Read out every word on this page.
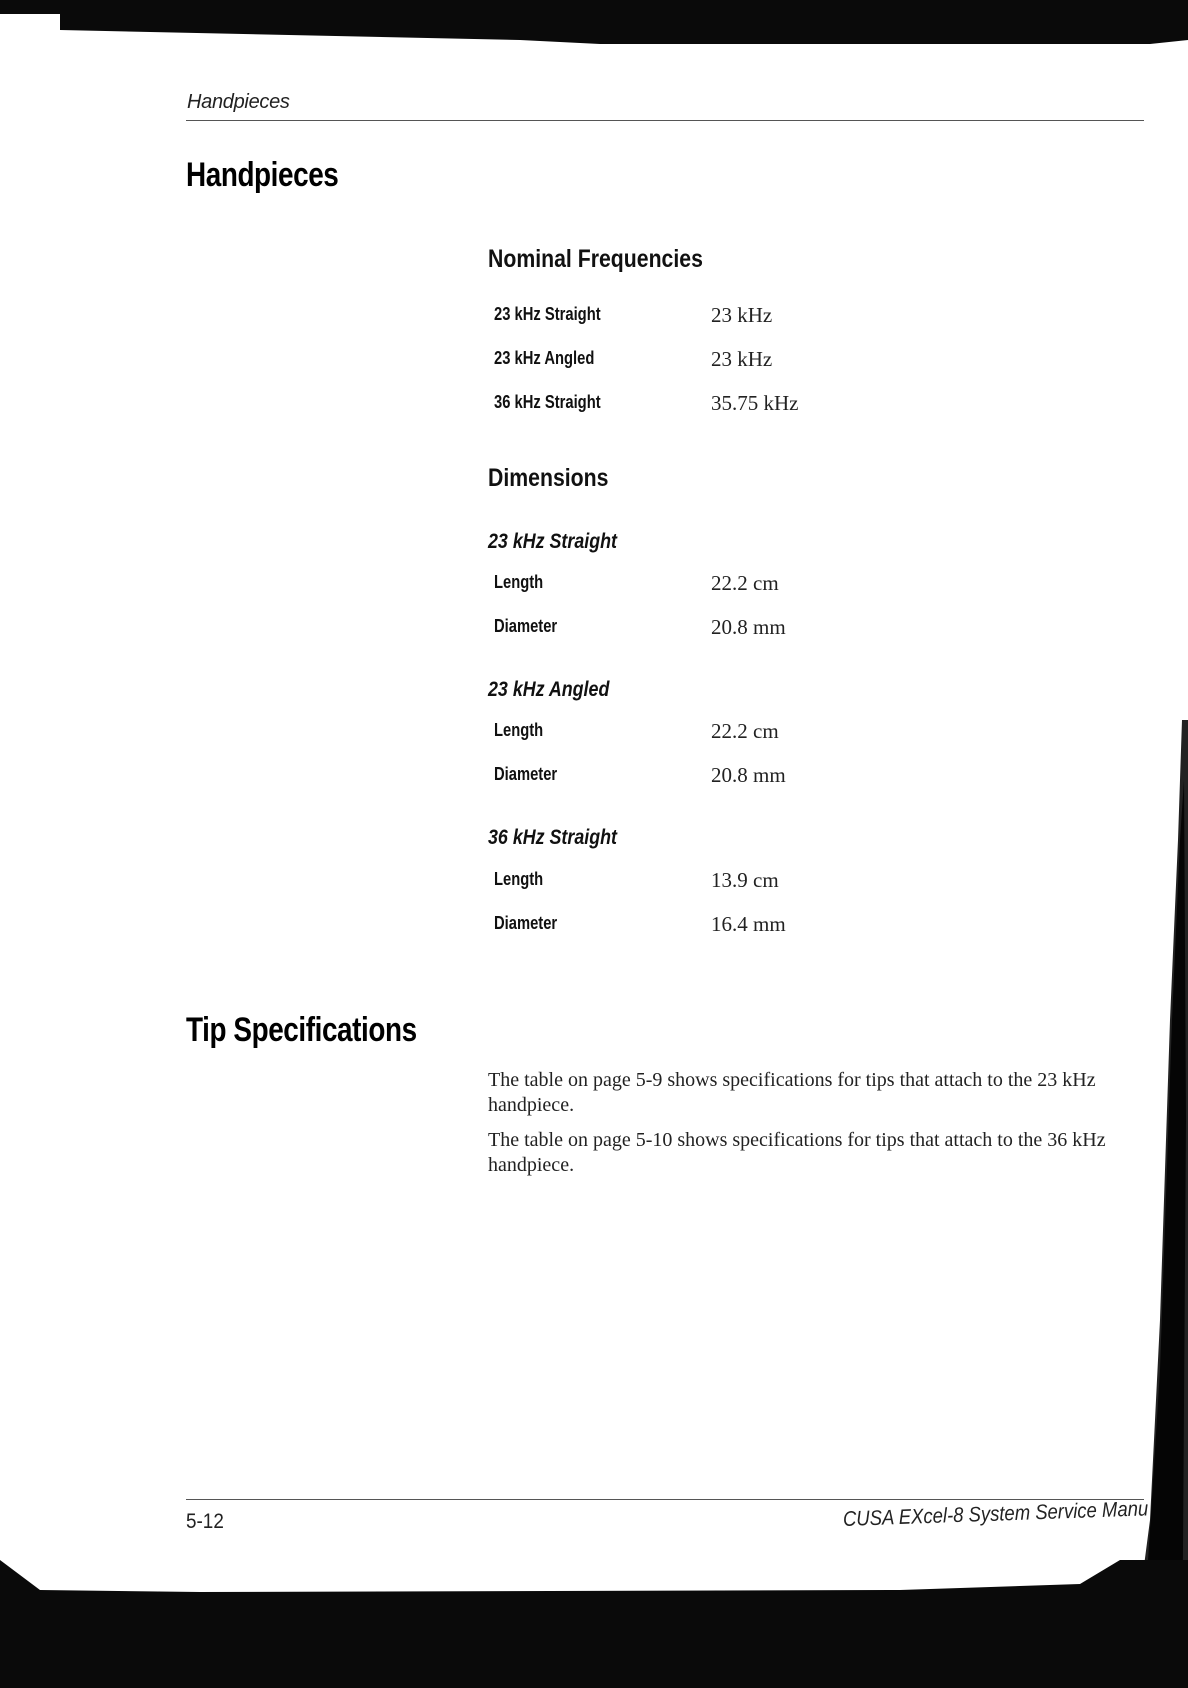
Handpieces
Handpieces
Nominal Frequencies
23 kHz Straight	23 kHz
23 kHz Angled	23 kHz
36 kHz Straight	35.75 kHz
Dimensions
23 kHz Straight
Length	22.2 cm
Diameter	20.8 mm
23 kHz Angled
Length	22.2 cm
Diameter	20.8 mm
36 kHz Straight
Length	13.9 cm
Diameter	16.4 mm
Tip Specifications

The table on page 5-9 shows specifications for tips that attach to the 23 kHz handpiece.

The table on page 5-10 shows specifications for tips that attach to the 36 kHz handpiece.

5-12	CUSA EXcel-8 System Service Manu
